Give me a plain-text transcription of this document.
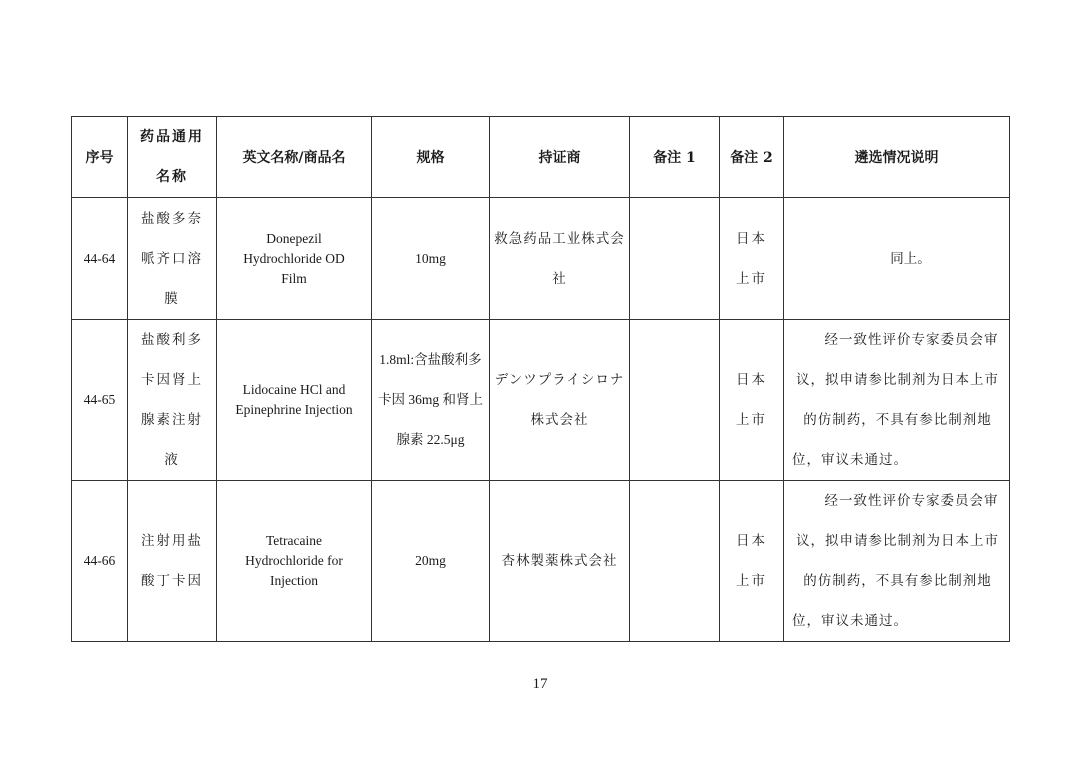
序号	药品通用名称	英文名称/商品名	规格	持证商	备注 1	备注 2	遴选情况说明
44-64	盐酸多奈哌齐口溶膜	Donepezil Hydrochloride OD Film	10mg	救急药品工业株式会社		日本上市	同上。
44-65	盐酸利多卡因肾上腺素注射液	Lidocaine HCl and Epinephrine Injection	1.8ml:含盐酸利多卡因 36mg 和肾上腺素 22.5μg	デンツプライシロナ株式会社		日本上市	经一致性评价专家委员会审议，拟申请参比制剂为日本上市的仿制药，不具有参比制剂地位，审议未通过。
44-66	注射用盐酸丁卡因	Tetracaine Hydrochloride for Injection	20mg	杏林製薬株式会社		日本上市	经一致性评价专家委员会审议，拟申请参比制剂为日本上市的仿制药，不具有参比制剂地位，审议未通过。
17
